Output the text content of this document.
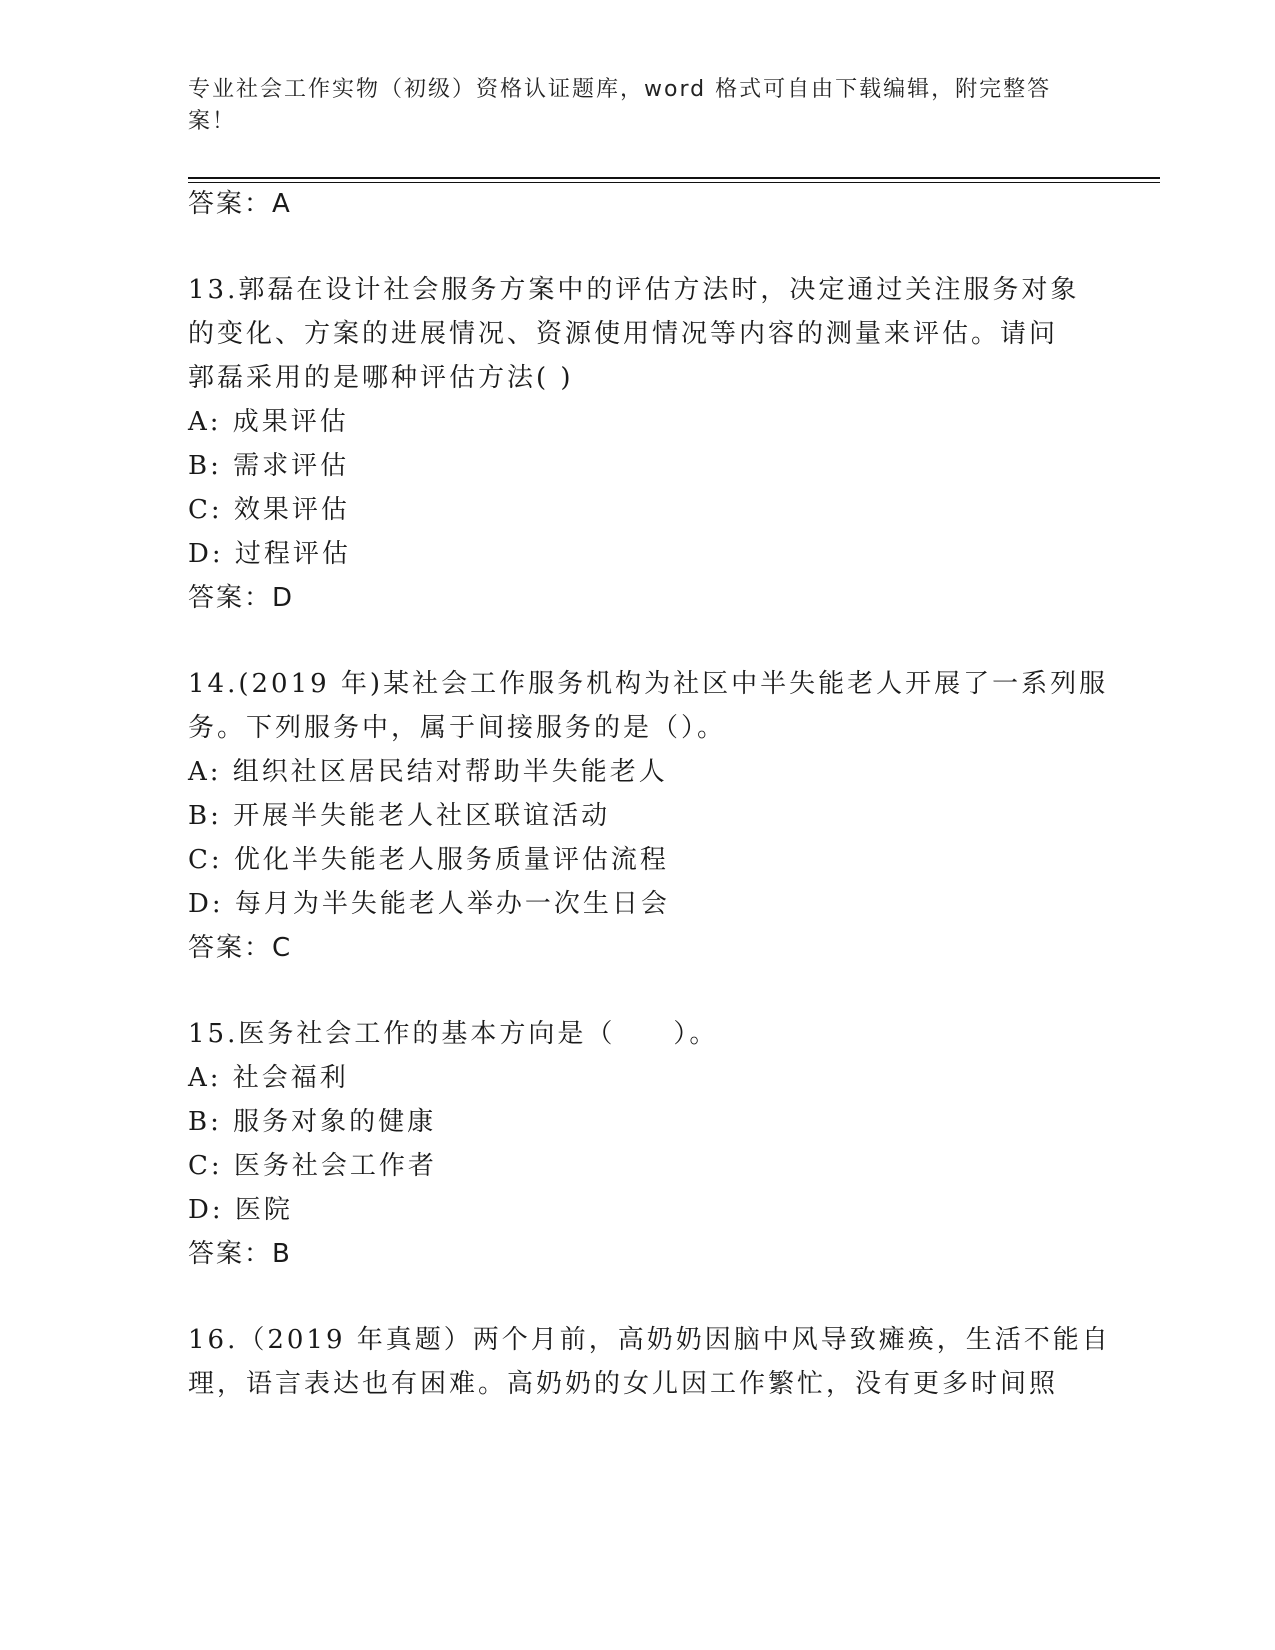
专业社会工作实物（初级）资格认证题库，word 格式可自由下载编辑，附完整答案！
答案：A
13.郭磊在设计社会服务方案中的评估方法时，决定通过关注服务对象
的变化、方案的进展情况、资源使用情况等内容的测量来评估。请问
郭磊采用的是哪种评估方法( )
A: 成果评估
B: 需求评估
C: 效果评估
D: 过程评估
答案：D
14.(2019 年)某社会工作服务机构为社区中半失能老人开展了一系列服
务。下列服务中，属于间接服务的是（）。
A: 组织社区居民结对帮助半失能老人
B: 开展半失能老人社区联谊活动
C: 优化半失能老人服务质量评估流程
D: 每月为半失能老人举办一次生日会
答案：C
15.医务社会工作的基本方向是（　　）。
A: 社会福利
B: 服务对象的健康
C: 医务社会工作者
D: 医院
答案：B
16.（2019 年真题）两个月前，高奶奶因脑中风导致瘫痪，生活不能自
理，语言表达也有困难。高奶奶的女儿因工作繁忙，没有更多时间照
